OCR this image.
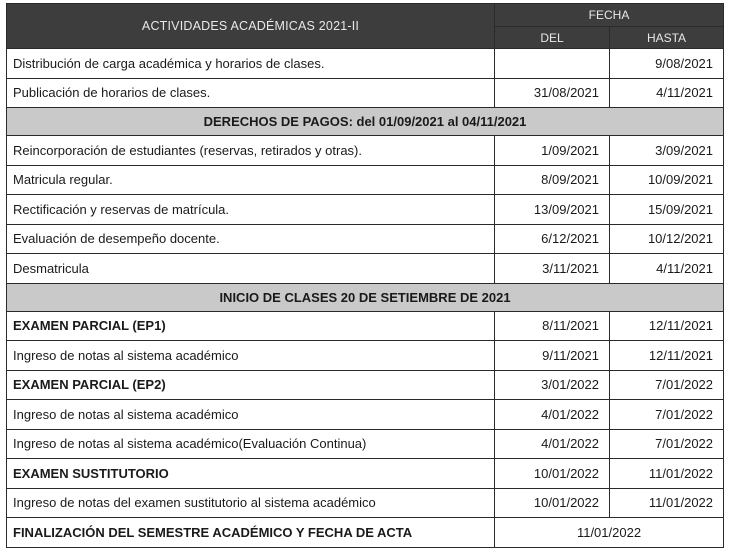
ACTIVIDADES ACADÉMICAS 2021-II	FECHA	
	DEL	HASTA
Distribución de carga académica y horarios de clases.		9/08/2021
Publicación de horarios de clases.	31/08/2021	4/11/2021
DERECHOS DE PAGOS: del 01/09/2021 al 04/11/2021		
Reincorporación de estudiantes (reservas, retirados y otras).	1/09/2021	3/09/2021
Matricula regular.	8/09/2021	10/09/2021
Rectificación y reservas de matrícula.	13/09/2021	15/09/2021
Evaluación de desempeño docente.	6/12/2021	10/12/2021
Desmatricula	3/11/2021	4/11/2021
INICIO DE CLASES 20 DE SETIEMBRE DE 2021		
EXAMEN PARCIAL (EP1)	8/11/2021	12/11/2021
Ingreso de notas al sistema académico	9/11/2021	12/11/2021
EXAMEN PARCIAL (EP2)	3/01/2022	7/01/2022
Ingreso de notas al sistema académico	4/01/2022	7/01/2022
Ingreso de notas al sistema académico(Evaluación Continua)	4/01/2022	7/01/2022
EXAMEN SUSTITUTORIO	10/01/2022	11/01/2022
Ingreso de notas del examen sustitutorio al sistema académico	10/01/2022	11/01/2022
FINALIZACIÓN DEL SEMESTRE ACADÉMICO Y FECHA DE ACTA	11/01/2022	
